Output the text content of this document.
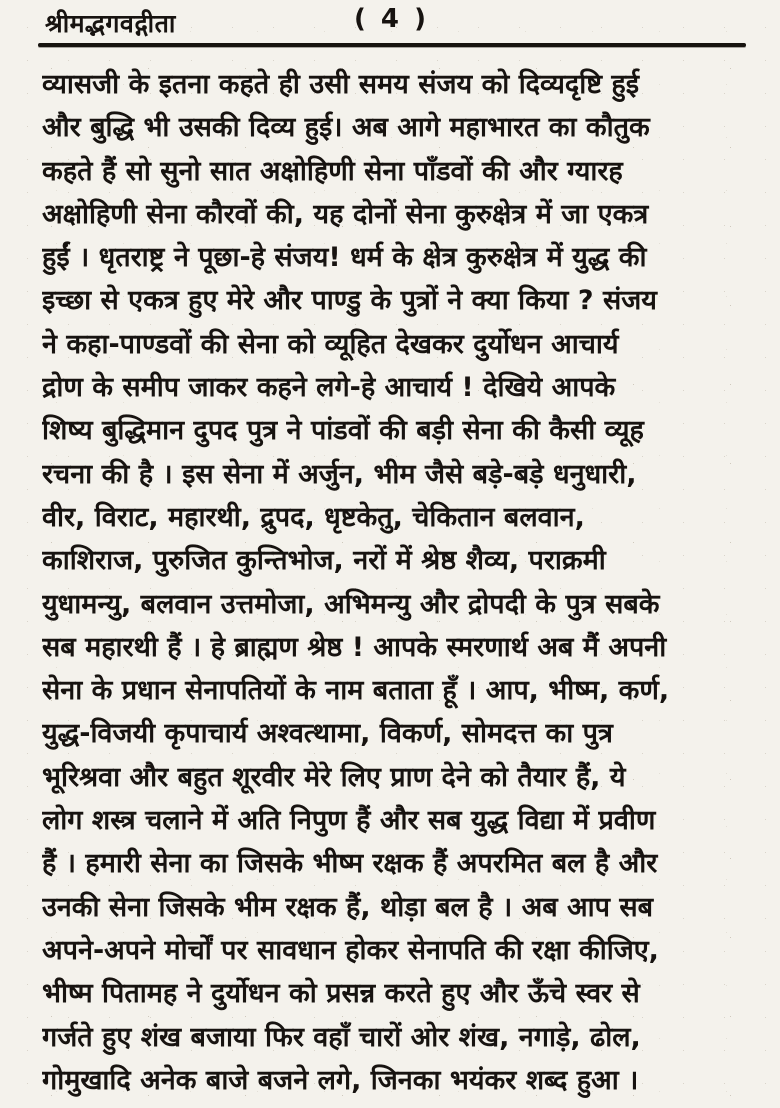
श्रीमद्भगवद्गीता	( 4 )
व्यासजी के इतना कहते ही उसी समय संजय को दिव्यदृष्टि हुई
और बुद्धि भी उसकी दिव्य हुई। अब आगे महाभारत का कौतुक
कहते हैं सो सुनो सात अक्षोहिणी सेना पाँडवों की और ग्यारह
अक्षोहिणी सेना कौरवों की, यह दोनों सेना कुरुक्षेत्र में जा एकत्र
हुईं । धृतराष्ट्र ने पूछा-हे संजय! धर्म के क्षेत्र कुरुक्षेत्र में युद्ध की
इच्छा से एकत्र हुए मेरे और पाण्डु के पुत्रों ने क्या किया ? संजय
ने कहा-पाण्डवों की सेना को व्यूहित देखकर दुर्योधन आचार्य
द्रोण के समीप जाकर कहने लगे-हे आचार्य ! देखिये आपके
शिष्य बुद्धिमान दुपद पुत्र ने पांडवों की बड़ी सेना की कैसी व्यूह
रचना की है । इस सेना में अर्जुन, भीम जैसे बड़े-बड़े धनुधारी,
वीर, विराट, महारथी, द्रुपद, धृष्टकेतु, चेकितान बलवान,
काशिराज, पुरुजित कुन्तिभोज, नरों में श्रेष्ठ शैव्य, पराक्रमी
युधामन्यु, बलवान उत्तमोजा, अभिमन्यु और द्रोपदी के पुत्र सबके
सब महारथी हैं । हे ब्राह्मण श्रेष्ठ ! आपके स्मरणार्थ अब मैं अपनी
सेना के प्रधान सेनापतियों के नाम बताता हूँ । आप, भीष्म, कर्ण,
युद्ध-विजयी कृपाचार्य अश्वत्थामा, विकर्ण, सोमदत्त का पुत्र
भूरिश्रवा और बहुत शूरवीर मेरे लिए प्राण देने को तैयार हैं, ये
लोग शस्त्र चलाने में अति निपुण हैं और सब युद्ध विद्या में प्रवीण
हैं । हमारी सेना का जिसके भीष्म रक्षक हैं अपरमित बल है और
उनकी सेना जिसके भीम रक्षक हैं, थोड़ा बल है । अब आप सब
अपने-अपने मोर्चों पर सावधान होकर सेनापति की रक्षा कीजिए,
भीष्म पितामह ने दुर्योधन को प्रसन्न करते हुए और ऊँचे स्वर से
गर्जते हुए शंख बजाया फिर वहाँ चारों ओर शंख, नगाड़े, ढोल,
गोमुखादि अनेक बाजे बजने लगे, जिनका भयंकर शब्द हुआ ।
